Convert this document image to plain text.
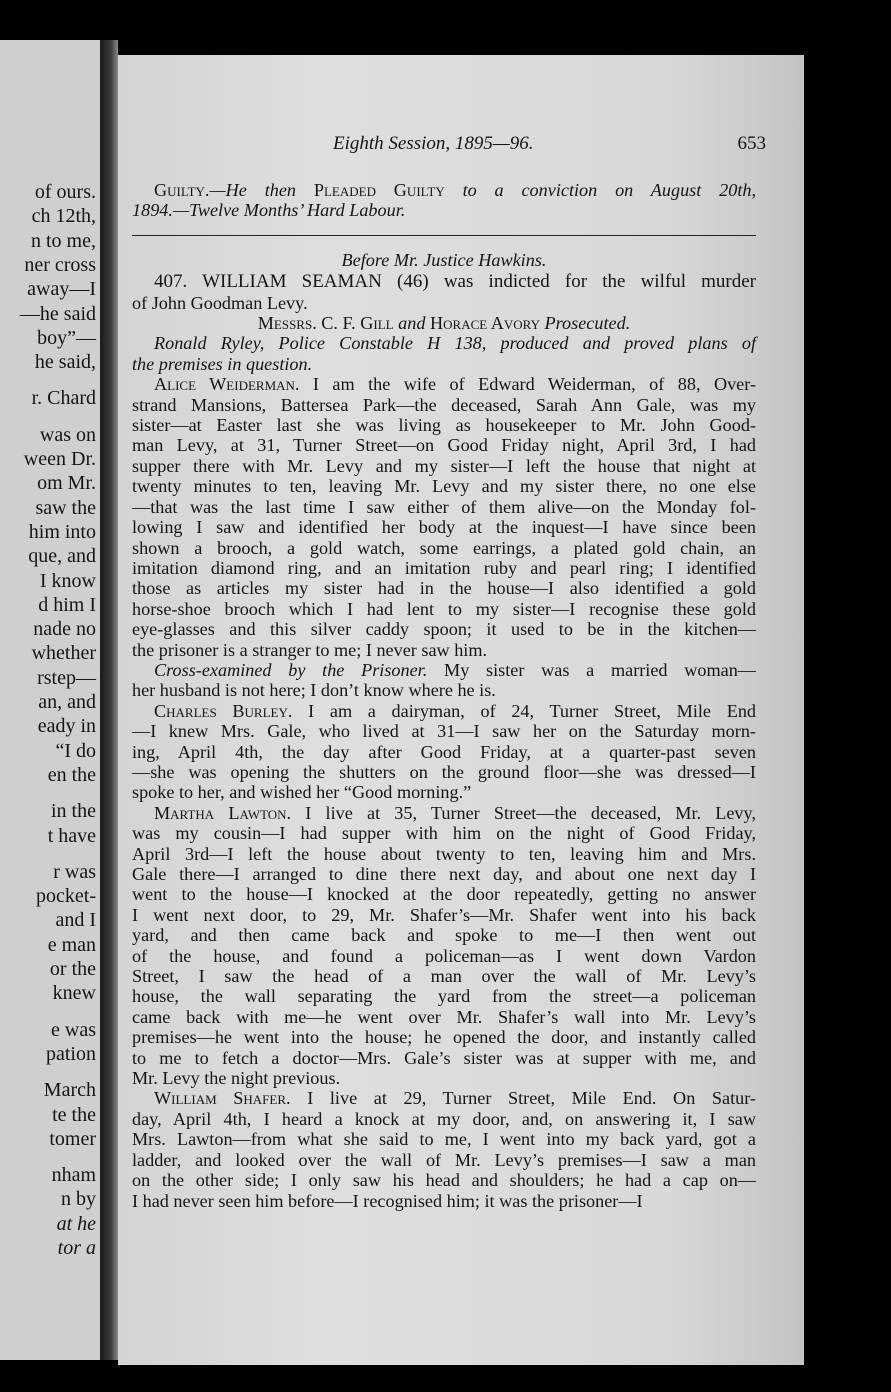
of ours.
ch 12th,
n to me,
ner cross
away—I
—he said
boy”—
he said,
r. Chard
was on
ween Dr.
om Mr.
saw the
him into
que, and
I know
d him I
nade no
whether
rstep—
an, and
eady in
“I do
en the
in the
t have
r was
pocket-
and I
e man
or the
knew
e was
pation
March
te the
tomer
nham
n by
at he
tor a
Eighth Session, 1895—96.	653
Guilty.—He then Pleaded Guilty to a conviction on August 20th,
1894.—Twelve Months’ Hard Labour.
Before Mr. Justice Hawkins.
407. WILLIAM SEAMAN (46) was indicted for the wilful murder
of John Goodman Levy.
Messrs. C. F. Gill and Horace Avory Prosecuted.
Ronald Ryley, Police Constable H 138, produced and proved plans of
the premises in question.
Alice Weiderman. I am the wife of Edward Weiderman, of 88, Over-
strand Mansions, Battersea Park—the deceased, Sarah Ann Gale, was my
sister—at Easter last she was living as housekeeper to Mr. John Good-
man Levy, at 31, Turner Street—on Good Friday night, April 3rd, I had
supper there with Mr. Levy and my sister—I left the house that night at
twenty minutes to ten, leaving Mr. Levy and my sister there, no one else
—that was the last time I saw either of them alive—on the Monday fol-
lowing I saw and identified her body at the inquest—I have since been
shown a brooch, a gold watch, some earrings, a plated gold chain, an
imitation diamond ring, and an imitation ruby and pearl ring; I identified
those as articles my sister had in the house—I also identified a gold
horse-shoe brooch which I had lent to my sister—I recognise these gold
eye-glasses and this silver caddy spoon; it used to be in the kitchen—
the prisoner is a stranger to me; I never saw him.
Cross-examined by the Prisoner. My sister was a married woman—
her husband is not here; I don’t know where he is.
Charles Burley. I am a dairyman, of 24, Turner Street, Mile End
—I knew Mrs. Gale, who lived at 31—I saw her on the Saturday morn-
ing, April 4th, the day after Good Friday, at a quarter-past seven
—she was opening the shutters on the ground floor—she was dressed—I
spoke to her, and wished her “Good morning.”
Martha Lawton. I live at 35, Turner Street—the deceased, Mr. Levy,
was my cousin—I had supper with him on the night of Good Friday,
April 3rd—I left the house about twenty to ten, leaving him and Mrs.
Gale there—I arranged to dine there next day, and about one next day I
went to the house—I knocked at the door repeatedly, getting no answer
I went next door, to 29, Mr. Shafer’s—Mr. Shafer went into his back
yard, and then came back and spoke to me—I then went out
of the house, and found a policeman—as I went down Vardon
Street, I saw the head of a man over the wall of Mr. Levy’s
house, the wall separating the yard from the street—a policeman
came back with me—he went over Mr. Shafer’s wall into Mr. Levy’s
premises—he went into the house; he opened the door, and instantly called
to me to fetch a doctor—Mrs. Gale’s sister was at supper with me, and
Mr. Levy the night previous.
William Shafer. I live at 29, Turner Street, Mile End. On Satur-
day, April 4th, I heard a knock at my door, and, on answering it, I saw
Mrs. Lawton—from what she said to me, I went into my back yard, got a
ladder, and looked over the wall of Mr. Levy’s premises—I saw a man
on the other side; I only saw his head and shoulders; he had a cap on—
I had never seen him before—I recognised him; it was the prisoner—I
